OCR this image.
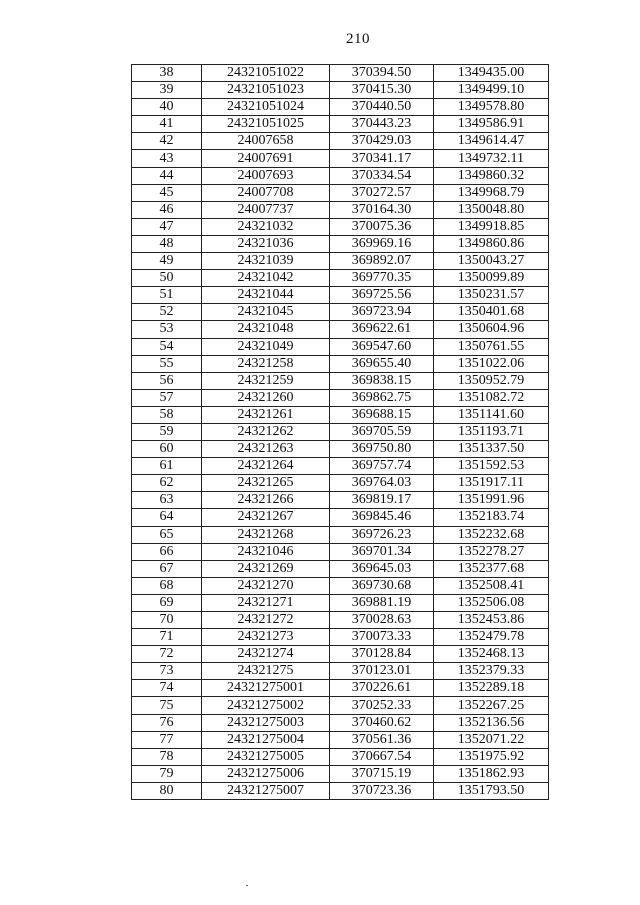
210
38	24321051022	370394.50	1349435.00
39	24321051023	370415.30	1349499.10
40	24321051024	370440.50	1349578.80
41	24321051025	370443.23	1349586.91
42	24007658	370429.03	1349614.47
43	24007691	370341.17	1349732.11
44	24007693	370334.54	1349860.32
45	24007708	370272.57	1349968.79
46	24007737	370164.30	1350048.80
47	24321032	370075.36	1349918.85
48	24321036	369969.16	1349860.86
49	24321039	369892.07	1350043.27
50	24321042	369770.35	1350099.89
51	24321044	369725.56	1350231.57
52	24321045	369723.94	1350401.68
53	24321048	369622.61	1350604.96
54	24321049	369547.60	1350761.55
55	24321258	369655.40	1351022.06
56	24321259	369838.15	1350952.79
57	24321260	369862.75	1351082.72
58	24321261	369688.15	1351141.60
59	24321262	369705.59	1351193.71
60	24321263	369750.80	1351337.50
61	24321264	369757.74	1351592.53
62	24321265	369764.03	1351917.11
63	24321266	369819.17	1351991.96
64	24321267	369845.46	1352183.74
65	24321268	369726.23	1352232.68
66	24321046	369701.34	1352278.27
67	24321269	369645.03	1352377.68
68	24321270	369730.68	1352508.41
69	24321271	369881.19	1352506.08
70	24321272	370028.63	1352453.86
71	24321273	370073.33	1352479.78
72	24321274	370128.84	1352468.13
73	24321275	370123.01	1352379.33
74	24321275001	370226.61	1352289.18
75	24321275002	370252.33	1352267.25
76	24321275003	370460.62	1352136.56
77	24321275004	370561.36	1352071.22
78	24321275005	370667.54	1351975.92
79	24321275006	370715.19	1351862.93
80	24321275007	370723.36	1351793.50
